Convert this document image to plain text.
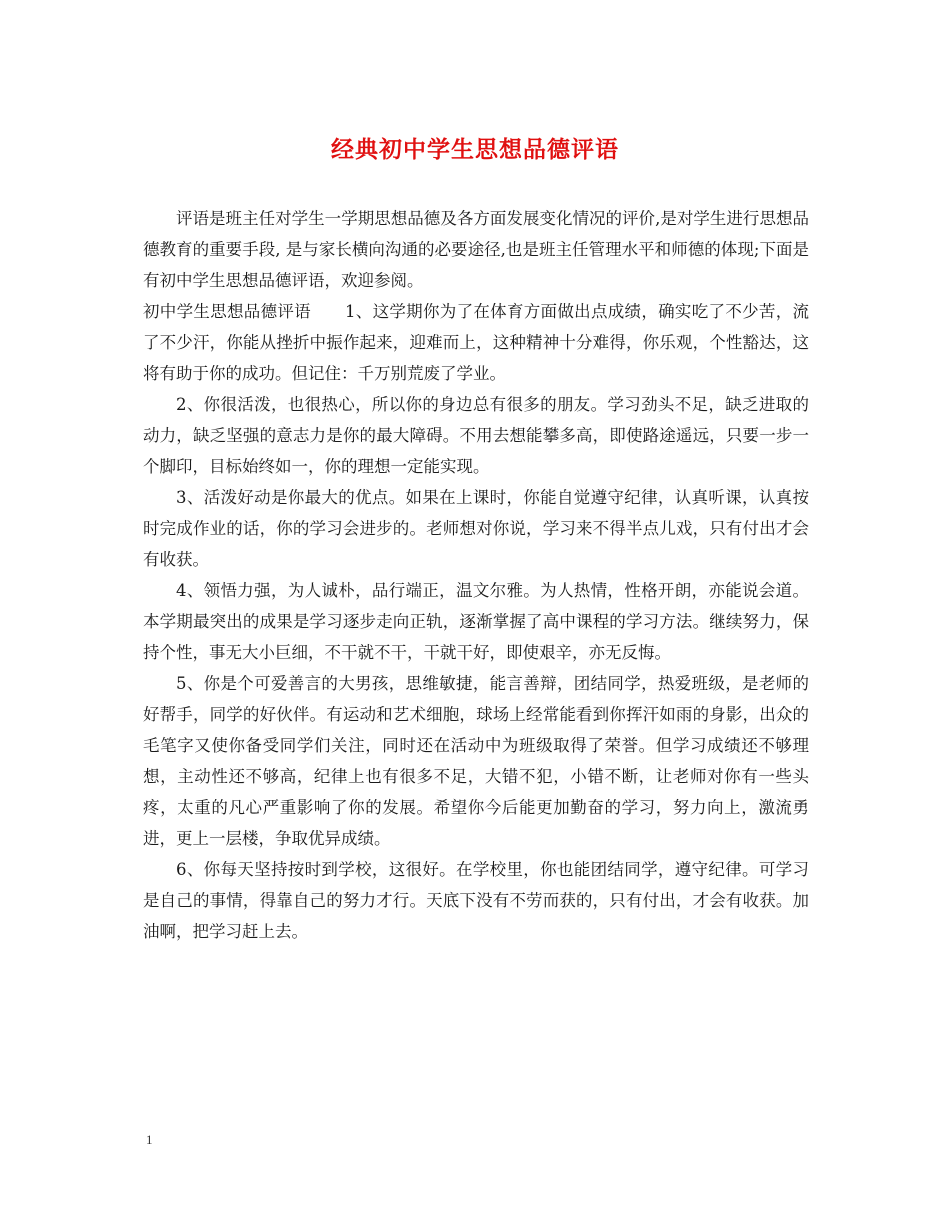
经典初中学生思想品德评语

评语是班主任对学生一学期思想品德及各方面发展变化情况的评价,是对学生进行思想品德教育的重要手段, 是与家长横向沟通的必要途径,也是班主任管理水平和师德的体现;下面是有初中学生思想品德评语，欢迎参阅。

初中学生思想品德评语 1、这学期你为了在体育方面做出点成绩，确实吃了不少苦，流了不少汗，你能从挫折中振作起来，迎难而上，这种精神十分难得，你乐观，个性豁达，这将有助于你的成功。但记住：千万别荒废了学业。

2、你很活泼，也很热心，所以你的身边总有很多的朋友。学习劲头不足，缺乏进取的动力，缺乏坚强的意志力是你的最大障碍。不用去想能攀多高，即使路途遥远，只要一步一个脚印，目标始终如一，你的理想一定能实现。

3、活泼好动是你最大的优点。如果在上课时，你能自觉遵守纪律，认真听课，认真按时完成作业的话，你的学习会进步的。老师想对你说，学习来不得半点儿戏，只有付出才会有收获。

4、领悟力强，为人诚朴，品行端正，温文尔雅。为人热情，性格开朗，亦能说会道。本学期最突出的成果是学习逐步走向正轨，逐渐掌握了高中课程的学习方法。继续努力，保持个性，事无大小巨细，不干就不干，干就干好，即使艰辛，亦无反悔。

5、你是个可爱善言的大男孩，思维敏捷，能言善辩，团结同学，热爱班级，是老师的好帮手，同学的好伙伴。有运动和艺术细胞，球场上经常能看到你挥汗如雨的身影，出众的毛笔字又使你备受同学们关注，同时还在活动中为班级取得了荣誉。但学习成绩还不够理想，主动性还不够高，纪律上也有很多不足，大错不犯，小错不断，让老师对你有一些头疼，太重的凡心严重影响了你的发展。希望你今后能更加勤奋的学习，努力向上，激流勇进，更上一层楼，争取优异成绩。

6、你每天坚持按时到学校，这很好。在学校里，你也能团结同学，遵守纪律。可学习是自己的事情，得靠自己的努力才行。天底下没有不劳而获的，只有付出，才会有收获。加油啊，把学习赶上去。

1
